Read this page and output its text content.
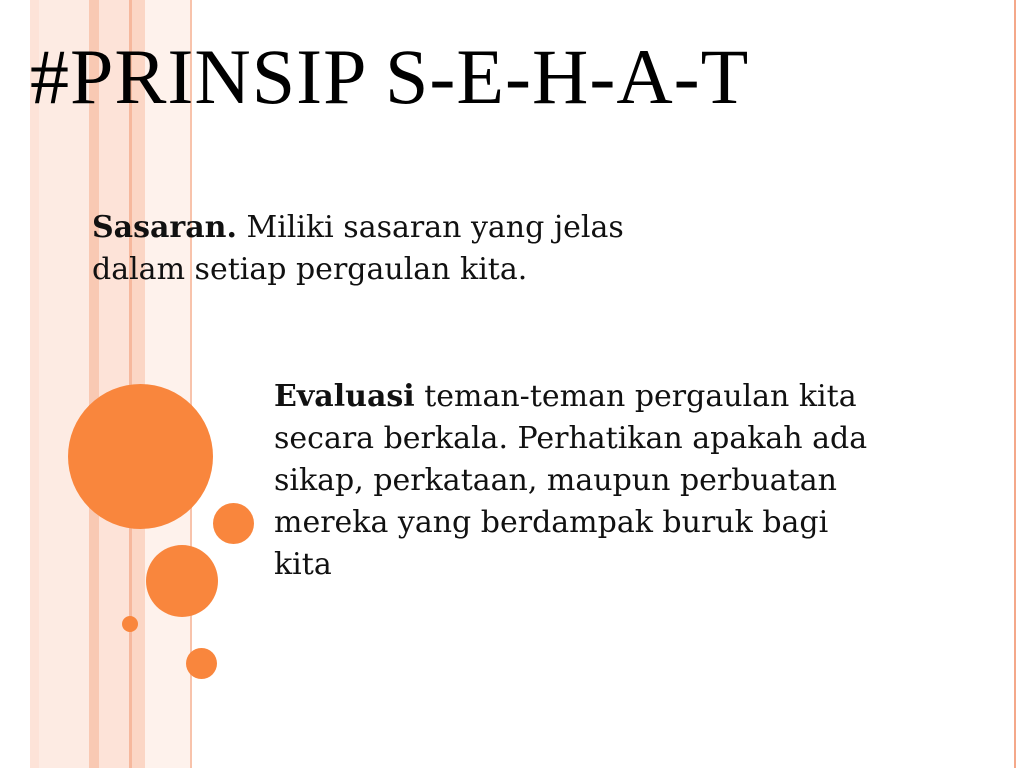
#PRINSIP S-E-H-A-T

Sasaran. Miliki sasaran yang jelas dalam setiap pergaulan kita.

Evaluasi teman-teman pergaulan kita secara berkala. Perhatikan apakah ada sikap, perkataan, maupun perbuatan mereka yang berdampak buruk bagi kita
